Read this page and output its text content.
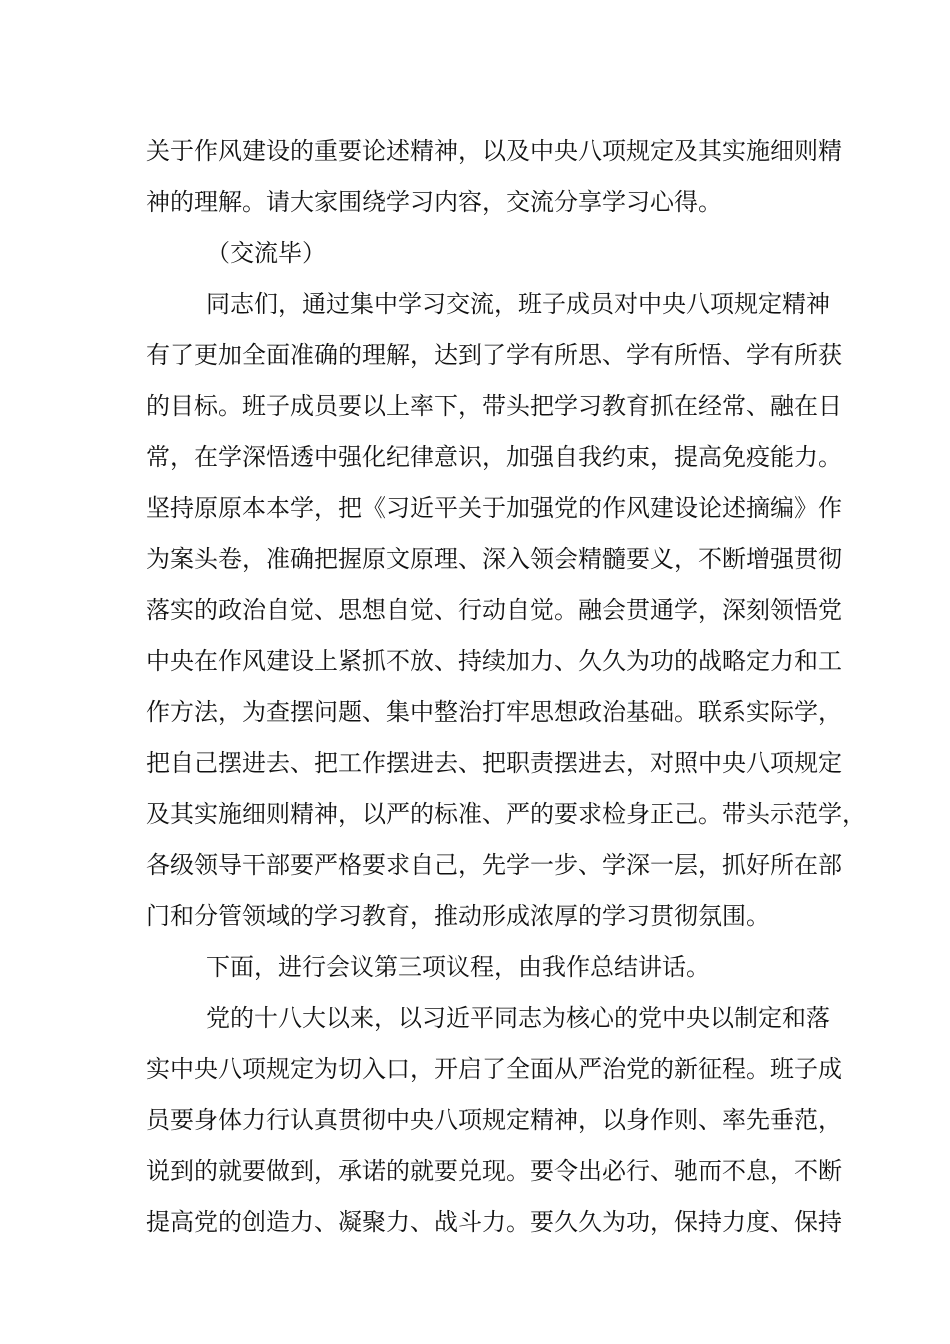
关于作风建设的重要论述精神，以及中央八项规定及其实施细则精

神的理解。请大家围绕学习内容，交流分享学习心得。

（交流毕）

同志们，通过集中学习交流，班子成员对中央八项规定精神

有了更加全面准确的理解，达到了学有所思、学有所悟、学有所获

的目标。班子成员要以上率下，带头把学习教育抓在经常、融在日

常，在学深悟透中强化纪律意识，加强自我约束，提高免疫能力。

坚持原原本本学，把《习近平关于加强党的作风建设论述摘编》作

为案头卷，准确把握原文原理、深入领会精髓要义，不断增强贯彻

落实的政治自觉、思想自觉、行动自觉。融会贯通学，深刻领悟党

中央在作风建设上紧抓不放、持续加力、久久为功的战略定力和工

作方法，为查摆问题、集中整治打牢思想政治基础。联系实际学，

把自己摆进去、把工作摆进去、把职责摆进去，对照中央八项规定

及其实施细则精神，以严的标准、严的要求检身正己。带头示范学，

各级领导干部要严格要求自己，先学一步、学深一层，抓好所在部

门和分管领域的学习教育，推动形成浓厚的学习贯彻氛围。

下面，进行会议第三项议程，由我作总结讲话。

党的十八大以来，以习近平同志为核心的党中央以制定和落

实中央八项规定为切入口，开启了全面从严治党的新征程。班子成

员要身体力行认真贯彻中央八项规定精神，以身作则、率先垂范，

说到的就要做到，承诺的就要兑现。要令出必行、驰而不息，不断

提高党的创造力、凝聚力、战斗力。要久久为功，保持力度、保持
